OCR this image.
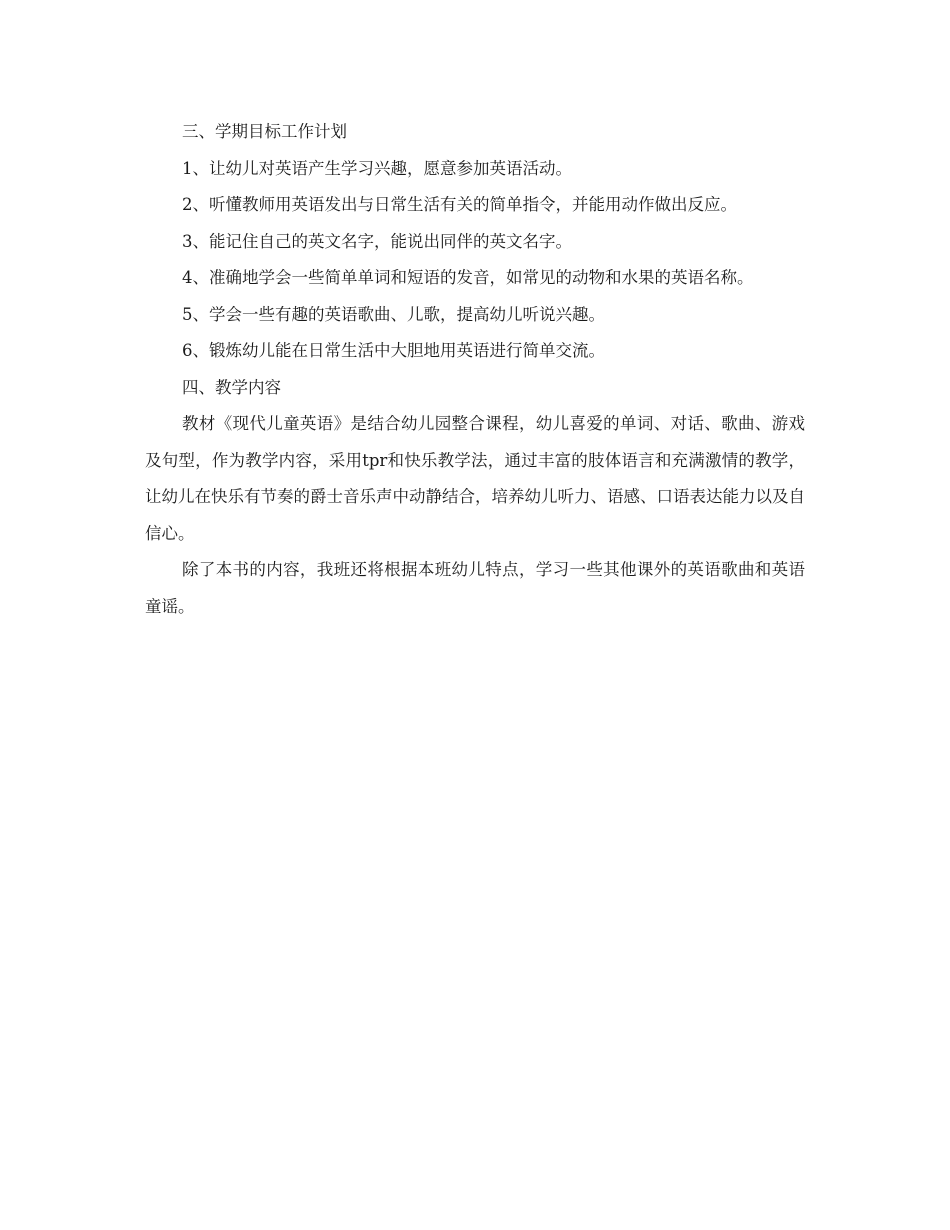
三、学期目标工作计划

1、让幼儿对英语产生学习兴趣，愿意参加英语活动。

2、听懂教师用英语发出与日常生活有关的简单指令，并能用动作做出反应。

3、能记住自己的英文名字，能说出同伴的英文名字。

4、准确地学会一些简单单词和短语的发音，如常见的动物和水果的英语名称。

5、学会一些有趣的英语歌曲、儿歌，提高幼儿听说兴趣。

6、锻炼幼儿能在日常生活中大胆地用英语进行简单交流。

四、教学内容

教材《现代儿童英语》是结合幼儿园整合课程，幼儿喜爱的单词、对话、歌曲、游戏及句型，作为教学内容，采用tpr和快乐教学法，通过丰富的肢体语言和充满激情的教学，让幼儿在快乐有节奏的爵士音乐声中动静结合，培养幼儿听力、语感、口语表达能力以及自信心。

除了本书的内容，我班还将根据本班幼儿特点，学习一些其他课外的英语歌曲和英语童谣。
